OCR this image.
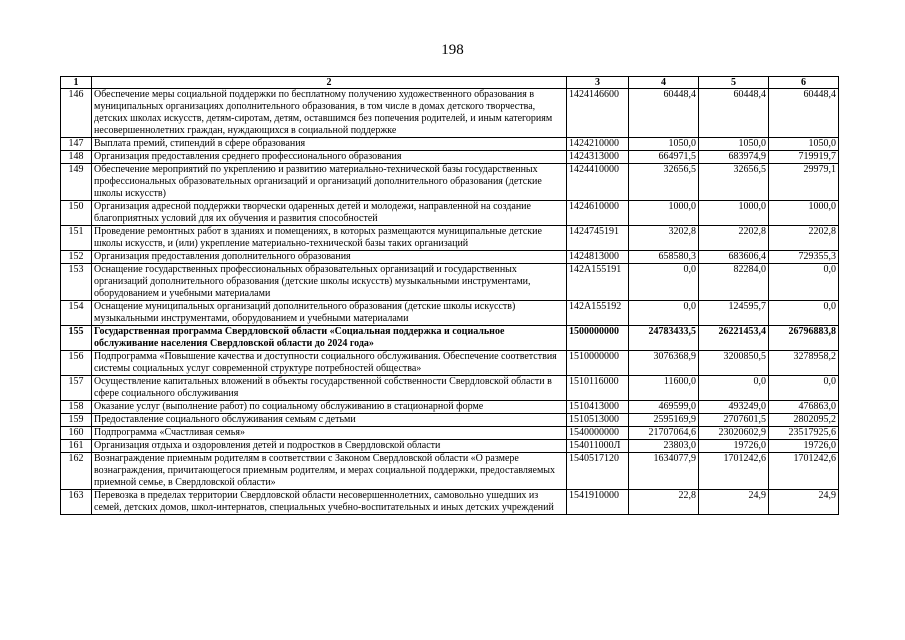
198
1	2	3	4	5	6
146	Обеспечение меры социальной поддержки по бесплатному получению художественного образования в муниципальных организациях дополнительного образования, в том числе в домах детского творчества, детских школах искусств, детям-сиротам, детям, оставшимся без попечения родителей, и иным категориям несовершеннолетних граждан, нуждающихся в социальной поддержке	1424146600	60448,4	60448,4	60448,4
147	Выплата премий, стипендий в сфере образования	1424210000	1050,0	1050,0	1050,0
148	Организация предоставления среднего профессионального образования	1424313000	664971,5	683974,9	719919,7
149	Обеспечение мероприятий по укреплению и развитию материально-технической базы государственных профессиональных образовательных организаций и организаций дополнительного образования (детские школы искусств)	1424410000	32656,5	32656,5	29979,1
150	Организация адресной поддержки творчески одаренных детей и молодежи, направленной на создание благоприятных условий для их обучения и развития способностей	1424610000	1000,0	1000,0	1000,0
151	Проведение ремонтных работ в зданиях и помещениях, в которых размещаются муниципальные детские школы искусств, и (или) укрепление материально-технической базы таких организаций	1424745191	3202,8	2202,8	2202,8
152	Организация предоставления дополнительного образования	1424813000	658580,3	683606,4	729355,3
153	Оснащение государственных профессиональных образовательных организаций и государственных организаций дополнительного образования (детские школы искусств) музыкальными инструментами, оборудованием и учебными материалами	142A155191	0,0	82284,0	0,0
154	Оснащение муниципальных организаций дополнительного образования (детские школы искусств) музыкальными инструментами, оборудованием и учебными материалами	142A155192	0,0	124595,7	0,0
155	Государственная программа Свердловской области «Социальная поддержка и социальное обслуживание населения Свердловской области до 2024 года»	1500000000	24783433,5	26221453,4	26796883,8
156	Подпрограмма «Повышение качества и доступности социального обслуживания. Обеспечение соответствия системы социальных услуг современной структуре потребностей общества»	1510000000	3076368,9	3200850,5	3278958,2
157	Осуществление капитальных вложений в объекты государственной собственности Свердловской области в сфере социального обслуживания	1510116000	11600,0	0,0	0,0
158	Оказание услуг (выполнение работ) по социальному обслуживанию в стационарной форме	1510413000	469599,0	493249,0	476863,0
159	Предоставление социального обслуживания семьям с детьми	1510513000	2595169,9	2707601,5	2802095,2
160	Подпрограмма «Счастливая семья»	1540000000	21707064,6	23020602,9	23517925,6
161	Организация отдыха и оздоровления детей и подростков в Свердловской области	154011000Л	23803,0	19726,0	19726,0
162	Вознаграждение приемным родителям в соответствии с Законом Свердловской области «О размере вознаграждения, причитающегося приемным родителям, и мерах социальной поддержки, предоставляемых приемной семье, в Свердловской области»	1540517120	1634077,9	1701242,6	1701242,6
163	Перевозка в пределах территории Свердловской области несовершеннолетних, самовольно ушедших из семей, детских домов, школ-интернатов, специальных учебно-воспитательных и иных детских учреждений	1541910000	22,8	24,9	24,9
